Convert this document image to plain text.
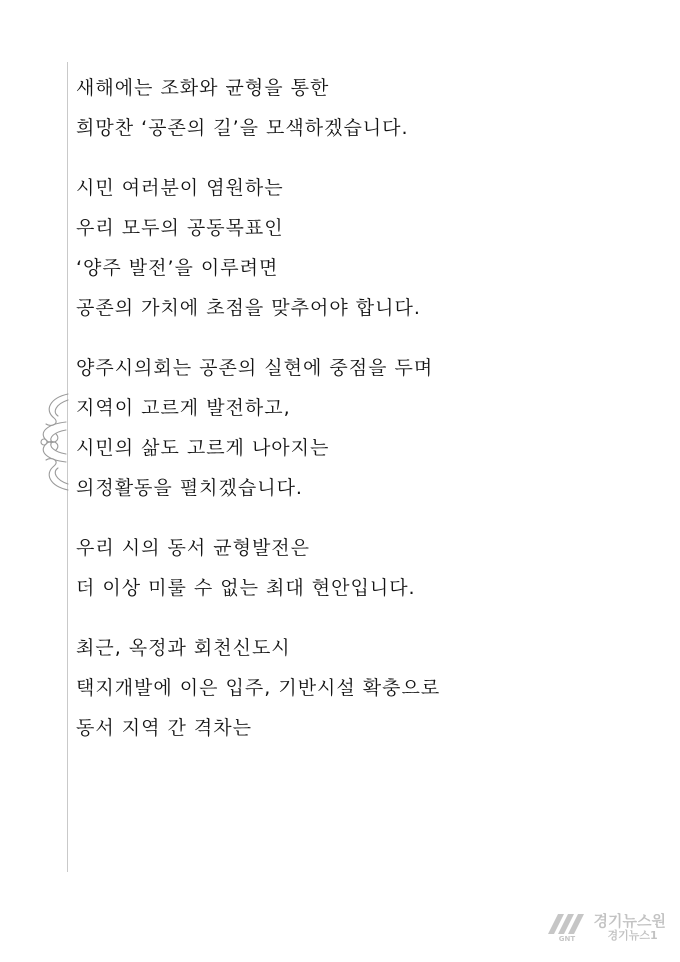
새해에는 조화와 균형을 통한
희망찬 ‘공존의 길’을 모색하겠습니다.
시민 여러분이 염원하는
우리 모두의 공동목표인
‘양주 발전’을 이루려면
공존의 가치에 초점을 맞추어야 합니다.
양주시의회는 공존의 실현에 중점을 두며
지역이 고르게 발전하고,
시민의 삶도 고르게 나아지는
의정활동을 펼치겠습니다.
우리 시의 동서 균형발전은
더 이상 미룰 수 없는 최대 현안입니다.
최근, 옥정과 회천신도시
택지개발에 이은 입주, 기반시설 확충으로
동서 지역 간 격차는
GNT
경기뉴스원
경기뉴스1
